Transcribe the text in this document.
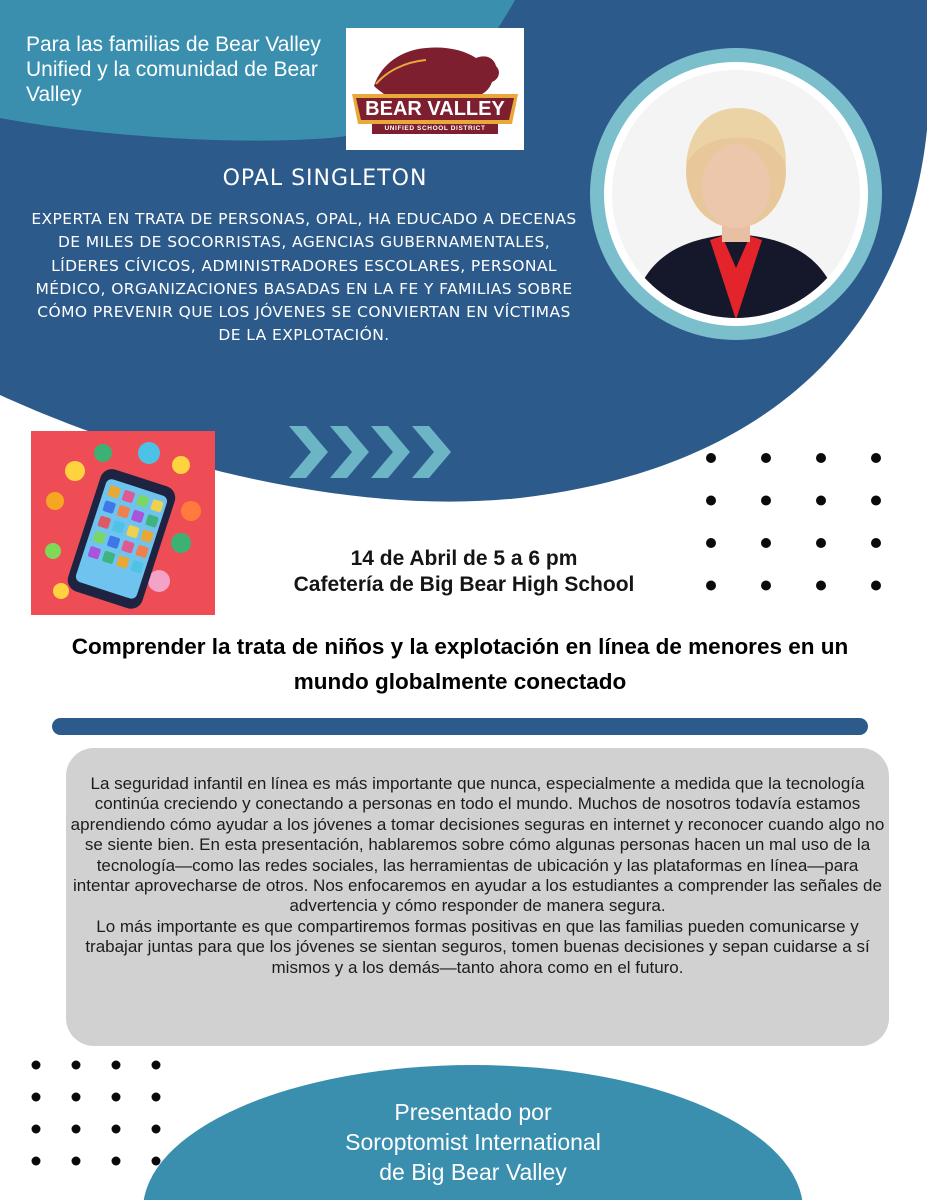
Para las familias de Bear Valley Unified y la comunidad de Bear Valley
BEAR VALLEY
UNIFIED SCHOOL DISTRICT
OPAL SINGLETON
EXPERTA EN TRATA DE PERSONAS, OPAL, HA EDUCADO A DECENAS DE MILES DE SOCORRISTAS, AGENCIAS GUBERNAMENTALES, LÍDERES CÍVICOS, ADMINISTRADORES ESCOLARES, PERSONAL MÉDICO, ORGANIZACIONES BASADAS EN LA FE Y FAMILIAS SOBRE CÓMO PREVENIR QUE LOS JÓVENES SE CONVIERTAN EN VÍCTIMAS DE LA EXPLOTACIÓN.
14 de Abril de 5 a 6 pm
Cafetería de Big Bear High School
Comprender la trata de niños y la explotación en línea de menores en un mundo globalmente conectado

La seguridad infantil en línea es más importante que nunca, especialmente a medida que la tecnología continúa creciendo y conectando a personas en todo el mundo. Muchos de nosotros todavía estamos aprendiendo cómo ayudar a los jóvenes a tomar decisiones seguras en internet y reconocer cuando algo no se siente bien. En esta presentación, hablaremos sobre cómo algunas personas hacen un mal uso de la tecnología—como las redes sociales, las herramientas de ubicación y las plataformas en línea—para intentar aprovecharse de otros. Nos enfocaremos en ayudar a los estudiantes a comprender las señales de advertencia y cómo responder de manera segura.

Lo más importante es que compartiremos formas positivas en que las familias pueden comunicarse y trabajar juntas para que los jóvenes se sientan seguros, tomen buenas decisiones y sepan cuidarse a sí mismos y a los demás—tanto ahora como en el futuro.

Presentado por
Soroptomist International
de Big Bear Valley
